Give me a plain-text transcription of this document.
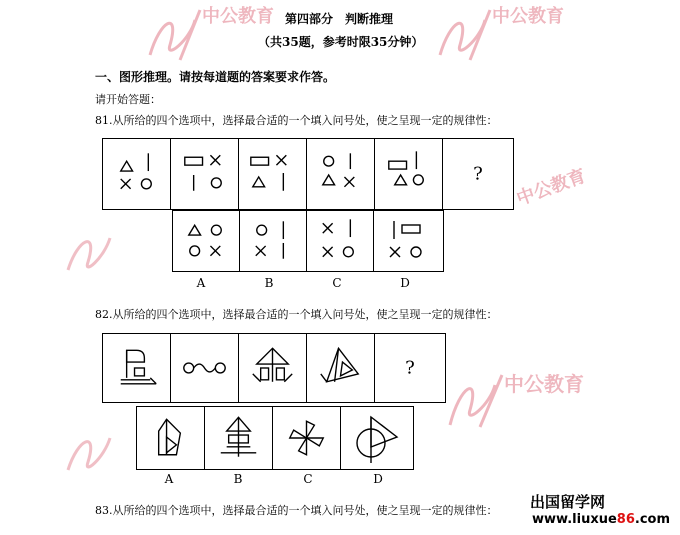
中公教育	中公教育
中公教育
中公教育
第四部分　判断推理
（共35题，参考时限35分钟）
一、图形推理。请按每道题的答案要求作答。
请开始答题：
81.从所给的四个选项中，选择最合适的一个填入问号处，使之呈现一定的规律性：
?
A	B	C	D
82.从所给的四个选项中，选择最合适的一个填入问号处，使之呈现一定的规律性：
?
A	B	C	D
83.从所给的四个选项中，选择最合适的一个填入问号处，使之呈现一定的规律性： 出国留学网
www.liuxue86.com
